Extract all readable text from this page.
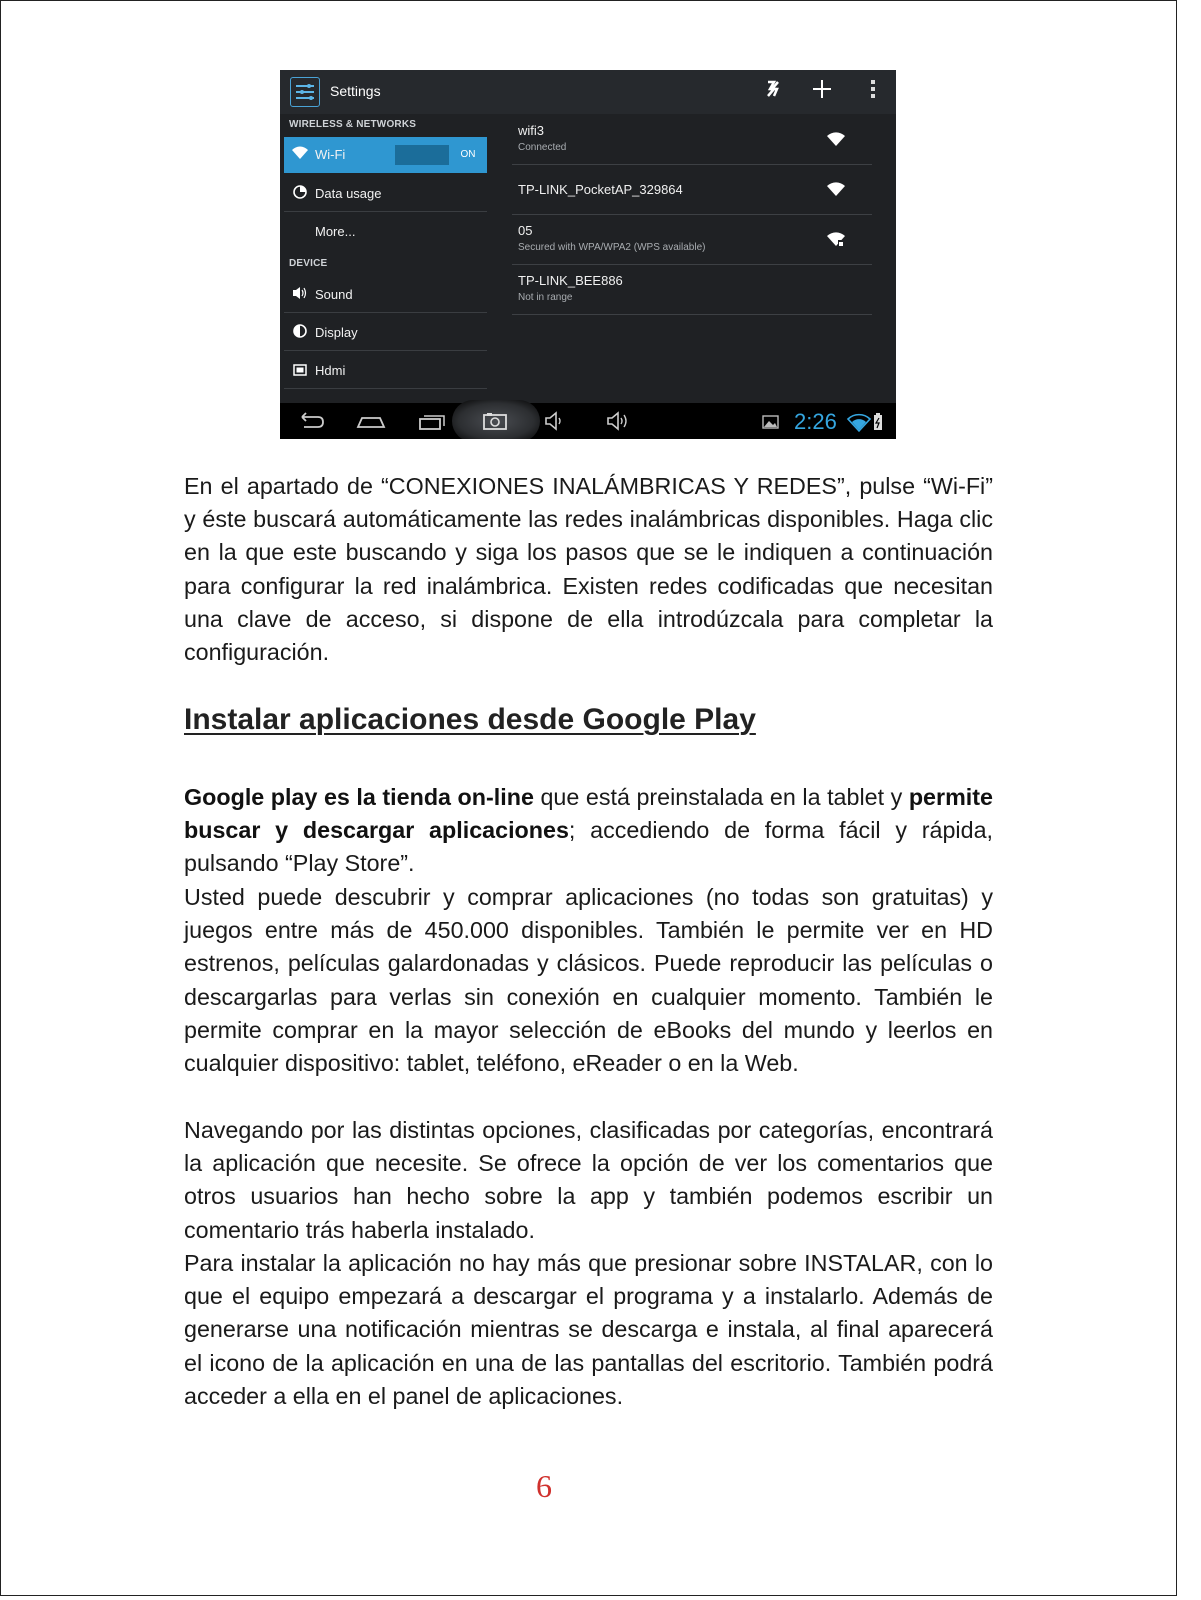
Settings
WIRELESS & NETWORKS
Wi-Fi	ON
Data usage
More...
DEVICE
Sound
Display
Hdmi
wifi3
Connected
TP-LINK_PocketAP_329864
05
Secured with WPA/WPA2 (WPS available)
TP-LINK_BEE886
Not in range
2:26

En el apartado de “CONEXIONES INALÁMBRICAS Y REDES”, pulse “Wi-Fi” y éste buscará automáticamente las redes inalámbricas disponibles. Haga clic en la que este buscando y siga los pasos que se le indiquen a continuación para configurar la red inalámbrica. Existen redes codificadas que necesitan una clave de acceso, si dispone de ella introdúzcala para completar la configuración.

Instalar aplicaciones desde Google Play

Google play es la tienda on-line que está preinstalada en la tablet y permite buscar y descargar aplicaciones; accediendo de forma fácil y rápida, pulsando “Play Store”.

Usted puede descubrir y comprar aplicaciones (no todas son gratuitas) y juegos entre más de 450.000 disponibles. También le permite ver en HD estrenos, películas galardonadas y clásicos. Puede reproducir las películas o descargarlas para verlas sin conexión en cualquier momento. También le permite comprar en la mayor selección de eBooks del mundo y leerlos en cualquier dispositivo: tablet, teléfono, eReader o en la Web.

Navegando por las distintas opciones, clasificadas por categorías, encontrará la aplicación que necesite. Se ofrece la opción de ver los comentarios que otros usuarios han hecho sobre la app y también podemos escribir un comentario trás haberla instalado.

Para instalar la aplicación no hay más que presionar sobre INSTALAR, con lo que el equipo empezará a descargar el programa y a instalarlo. Además de generarse una notificación mientras se descarga e instala, al final aparecerá el icono de la aplicación en una de las pantallas del escritorio. También podrá acceder a ella en el panel de aplicaciones.

6
